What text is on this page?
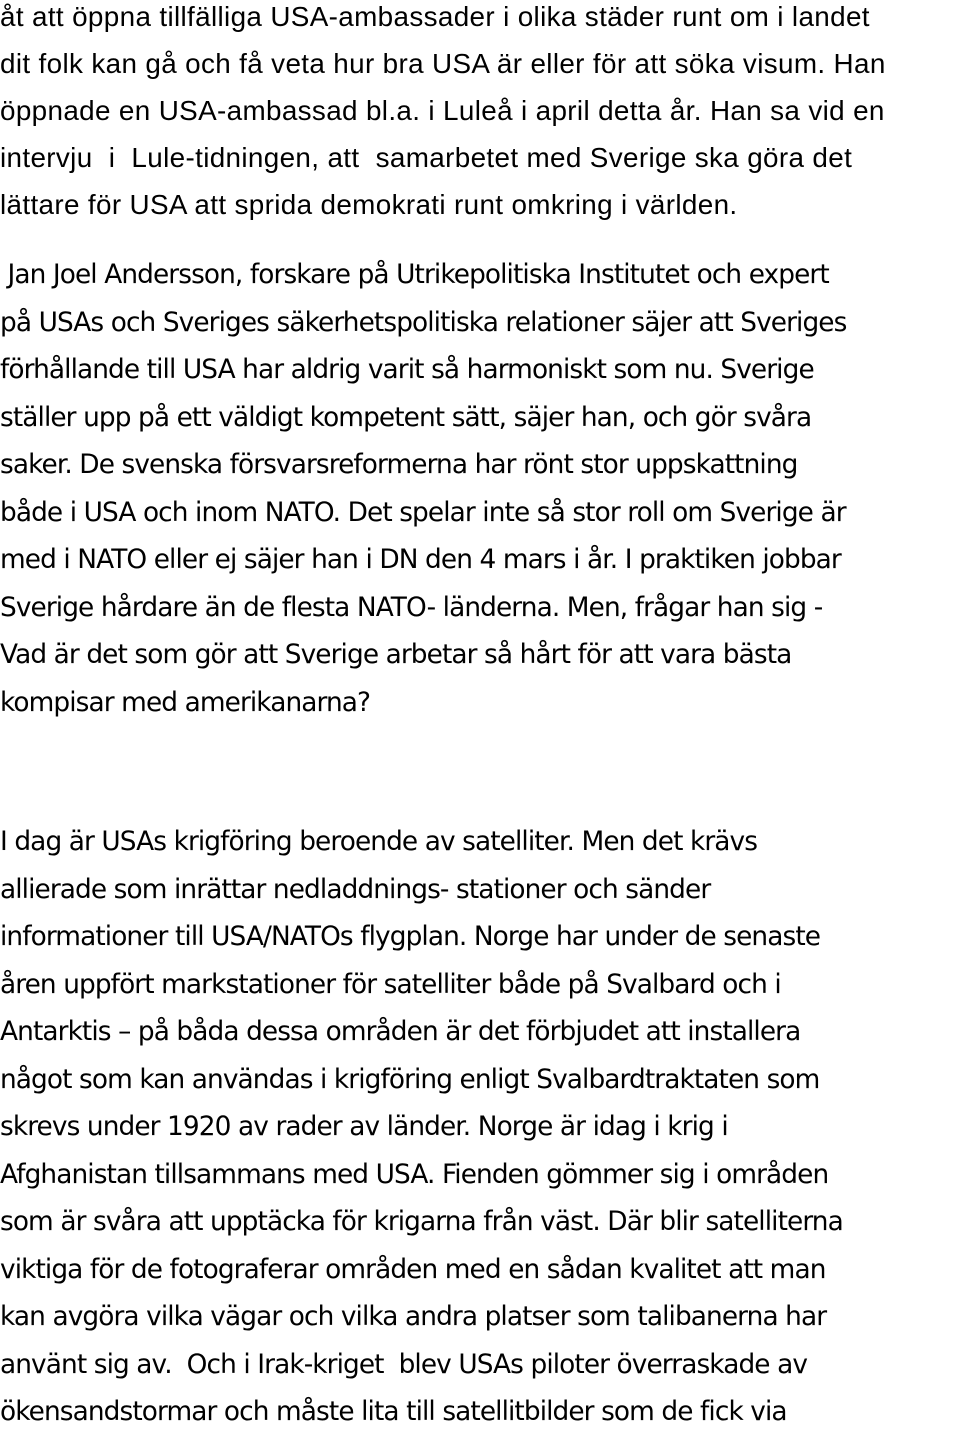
åt att öppna tillfälliga USA-ambassader i olika städer runt om i landet
dit folk kan gå och få veta hur bra USA är eller för att söka visum. Han
öppnade en USA-ambassad bl.a. i Luleå i april detta år. Han sa vid en
intervju  i  Lule-tidningen, att  samarbetet med Sverige ska göra det
lättare för USA att sprida demokrati runt omkring i världen.
Jan Joel Andersson, forskare på Utrikepolitiska Institutet och expert
på USAs och Sveriges säkerhetspolitiska relationer säjer att Sveriges
förhållande till USA har aldrig varit så harmoniskt som nu. Sverige
ställer upp på ett väldigt kompetent sätt, säjer han, och gör svåra
saker. De svenska försvarsreformerna har rönt stor uppskattning
både i USA och inom NATO. Det spelar inte så stor roll om Sverige är
med i NATO eller ej säjer han i DN den 4 mars i år. I praktiken jobbar
Sverige hårdare än de flesta NATO- länderna. Men, frågar han sig -
Vad är det som gör att Sverige arbetar så hårt för att vara bästa
kompisar med amerikanarna?
I dag är USAs krigföring beroende av satelliter. Men det krävs
allierade som inrättar nedladdnings- stationer och sänder
informationer till USA/NATOs flygplan. Norge har under de senaste
åren uppfört markstationer för satelliter både på Svalbard och i
Antarktis – på båda dessa områden är det förbjudet att installera
något som kan användas i krigföring enligt Svalbardtraktaten som
skrevs under 1920 av rader av länder. Norge är idag i krig i
Afghanistan tillsammans med USA. Fienden gömmer sig i områden
som är svåra att upptäcka för krigarna från väst. Där blir satelliterna
viktiga för de fotograferar områden med en sådan kvalitet att man
kan avgöra vilka vägar och vilka andra platser som talibanerna har
använt sig av.  Och i Irak-kriget  blev USAs piloter överraskade av
ökensandstormar och måste lita till satellitbilder som de fick via
